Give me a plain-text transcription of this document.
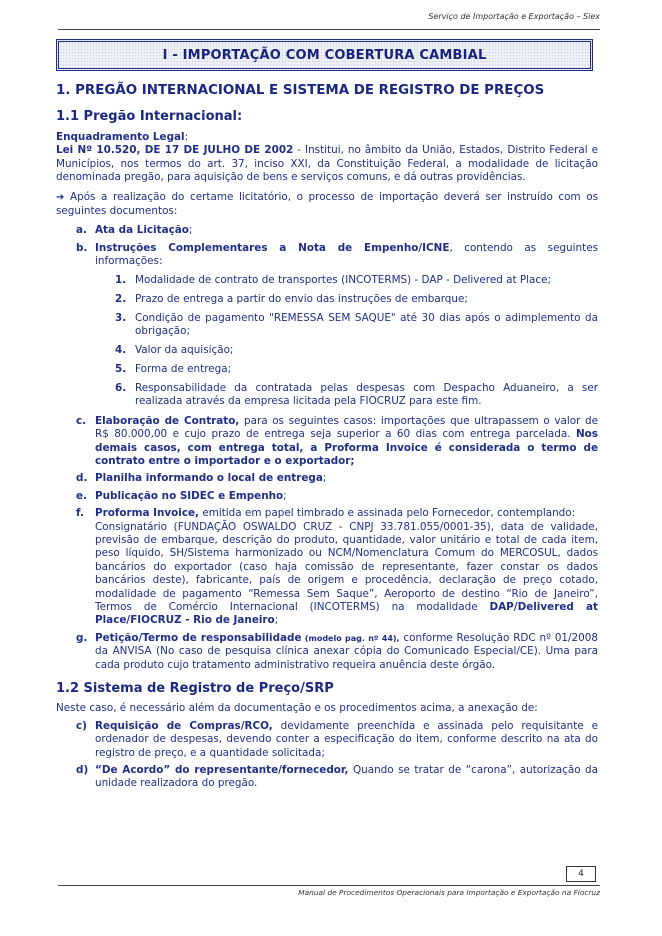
Serviço de Importação e Exportação – Siex
I - IMPORTAÇÃO COM COBERTURA CAMBIAL
1. PREGÃO INTERNACIONAL E SISTEMA DE REGISTRO DE PREÇOS
1.1 Pregão Internacional:

Enquadramento Legal:

Lei Nº 10.520, DE 17 DE JULHO DE 2002 - Institui, no âmbito da União, Estados, Distrito Federal e Municípios, nos termos do art. 37, inciso XXI, da Constituição Federal, a modalidade de licitação denominada pregão, para aquisição de bens e serviços comuns, e dá outras providências.

➔ Após a realização do certame licitatório, o processo de importação deverá ser instruído com os seguintes documentos:

a. Ata da Licitação;
b. Instruções Complementares a Nota de Empenho/ICNE, contendo as seguintes informações:
1. Modalidade de contrato de transportes (INCOTERMS) - DAP - Delivered at Place;
2. Prazo de entrega a partir do envio das instruções de embarque;
3. Condição de pagamento "REMESSA SEM SAQUE" até 30 dias após o adimplemento da obrigação;
4. Valor da aquisição;
5. Forma de entrega;
6. Responsabilidade da contratada pelas despesas com Despacho Aduaneiro, a ser realizada através da empresa licitada pela FIOCRUZ para este fim.
c. Elaboração de Contrato, para os seguintes casos: importações que ultrapassem o valor de R$ 80.000,00 e cujo prazo de entrega seja superior a 60 dias com entrega parcelada. Nos demais casos, com entrega total, a Proforma Invoice é considerada o termo de contrato entre o importador e o exportador;
d. Planilha informando o local de entrega;
e. Publicação no SIDEC e Empenho;
f. Proforma Invoice, emitida em papel timbrado e assinada pelo Fornecedor, contemplando:
Consignatário (FUNDAÇÃO OSWALDO CRUZ - CNPJ 33.781.055/0001-35), data de validade, previsão de embarque, descrição do produto, quantidade, valor unitário e total de cada item, peso líquido, SH/Sistema harmonizado ou NCM/Nomenclatura Comum do MERCOSUL, dados bancários do exportador (caso haja comissão de representante, fazer constar os dados bancários deste), fabricante, país de origem e procedência, declaração de preço cotado, modalidade de pagamento “Remessa Sem Saque”, Aeroporto de destino “Rio de Janeiro”, Termos de Comércio Internacional (INCOTERMS) na modalidade DAP/Delivered at Place/FIOCRUZ - Rio de Janeiro;
g. Petição/Termo de responsabilidade (modelo pag. nº 44), conforme Resolução RDC nº 01/2008 da ANVISA (No caso de pesquisa clínica anexar cópia do Comunicado Especial/CE). Uma para cada produto cujo tratamento administrativo requeira anuência deste órgão.
1.2 Sistema de Registro de Preço/SRP

Neste caso, é necessário além da documentação e os procedimentos acima, a anexação de:

c) Requisição de Compras/RCO, devidamente preenchida e assinada pelo requisitante e ordenador de despesas, devendo conter a especificação do item, conforme descrito na ata do registro de preço, e a quantidade solicitada;
d) “De Acordo” do representante/fornecedor, Quando se tratar de “carona”, autorização da unidade realizadora do pregão.
4
Manual de Procedimentos Operacionais para Importação e Exportação na Fiocruz
